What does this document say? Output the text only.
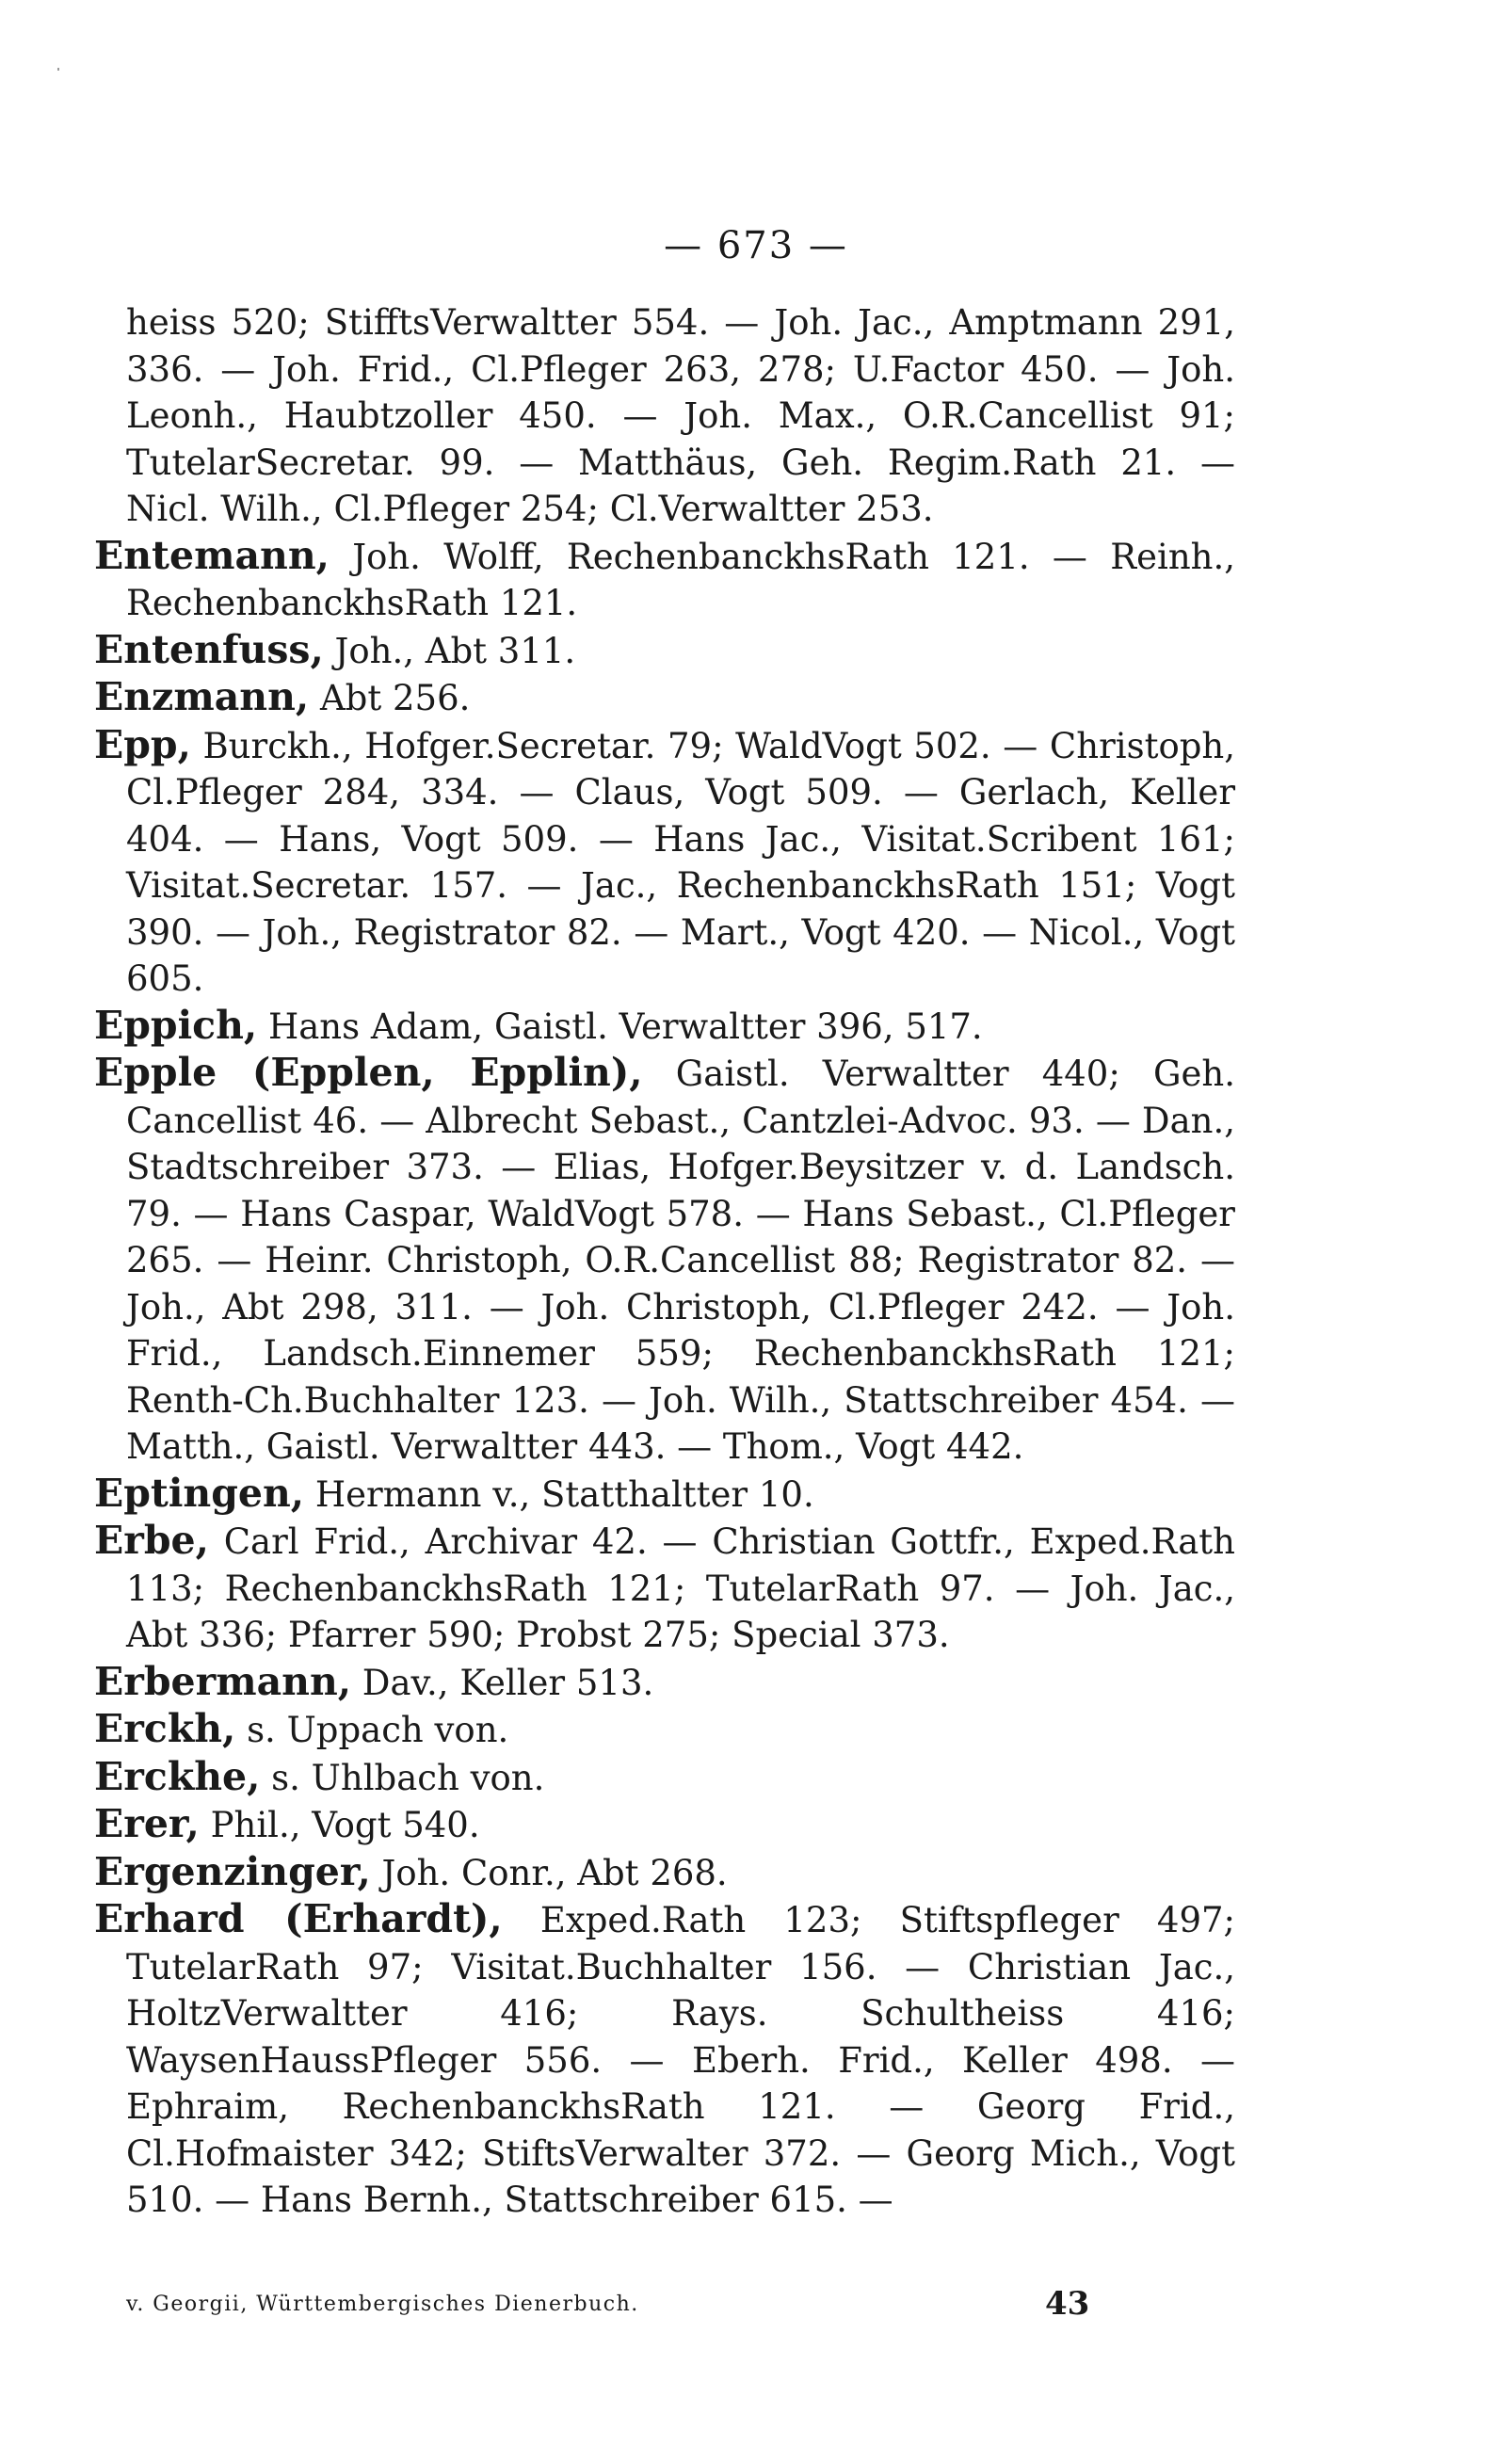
— 673 —

heiss 520; StifftsVerwaltter 554. — Joh. Jac., Amptmann 291, 336. — Joh. Frid., Cl.Pfleger 263, 278; U.Factor 450. — Joh. Leonh., Haubtzoller 450. — Joh. Max., O.R.Cancellist 91; TutelarSecretar. 99. — Matthäus, Geh. Regim.Rath 21. — Nicl. Wilh., Cl.Pfleger 254; Cl.Verwaltter 253.

Entemann, Joh. Wolff, RechenbanckhsRath 121. — Reinh., RechenbanckhsRath 121.

Entenfuss, Joh., Abt 311.

Enzmann, Abt 256.

Epp, Burckh., Hofger.Secretar. 79; WaldVogt 502. — Christoph, Cl.Pfleger 284, 334. — Claus, Vogt 509. — Gerlach, Keller 404. — Hans, Vogt 509. — Hans Jac., Visitat.Scribent 161; Visitat.Secretar. 157. — Jac., RechenbanckhsRath 151; Vogt 390. — Joh., Registrator 82. — Mart., Vogt 420. — Nicol., Vogt 605.

Eppich, Hans Adam, Gaistl. Verwaltter 396, 517.

Epple (Epplen, Epplin), Gaistl. Verwaltter 440; Geh. Cancellist 46. — Albrecht Sebast., Cantzlei-Advoc. 93. — Dan., Stadtschreiber 373. — Elias, Hofger.Beysitzer v. d. Landsch. 79. — Hans Caspar, WaldVogt 578. — Hans Sebast., Cl.Pfleger 265. — Heinr. Christoph, O.R.Cancellist 88; Registrator 82. — Joh., Abt 298, 311. — Joh. Christoph, Cl.Pfleger 242. — Joh. Frid., Landsch.Einnemer 559; RechenbanckhsRath 121; Renth-Ch.Buchhalter 123. — Joh. Wilh., Stattschreiber 454. — Matth., Gaistl. Verwaltter 443. — Thom., Vogt 442.

Eptingen, Hermann v., Statthaltter 10.

Erbe, Carl Frid., Archivar 42. — Christian Gottfr., Exped.Rath 113; RechenbanckhsRath 121; TutelarRath 97. — Joh. Jac., Abt 336; Pfarrer 590; Probst 275; Special 373.

Erbermann, Dav., Keller 513.

Erckh, s. Uppach von.

Erckhe, s. Uhlbach von.

Erer, Phil., Vogt 540.

Ergenzinger, Joh. Conr., Abt 268.

Erhard (Erhardt), Exped.Rath 123; Stiftspfleger 497; TutelarRath 97; Visitat.Buchhalter 156. — Christian Jac., HoltzVerwaltter 416; Rays. Schultheiss 416; WaysenHaussPfleger 556. — Eberh. Frid., Keller 498. — Ephraim, RechenbanckhsRath 121. — Georg Frid., Cl.Hofmaister 342; StiftsVerwalter 372. — Georg Mich., Vogt 510. — Hans Bernh., Stattschreiber 615. —

v. Georgii, Württembergisches Dienerbuch.	43
